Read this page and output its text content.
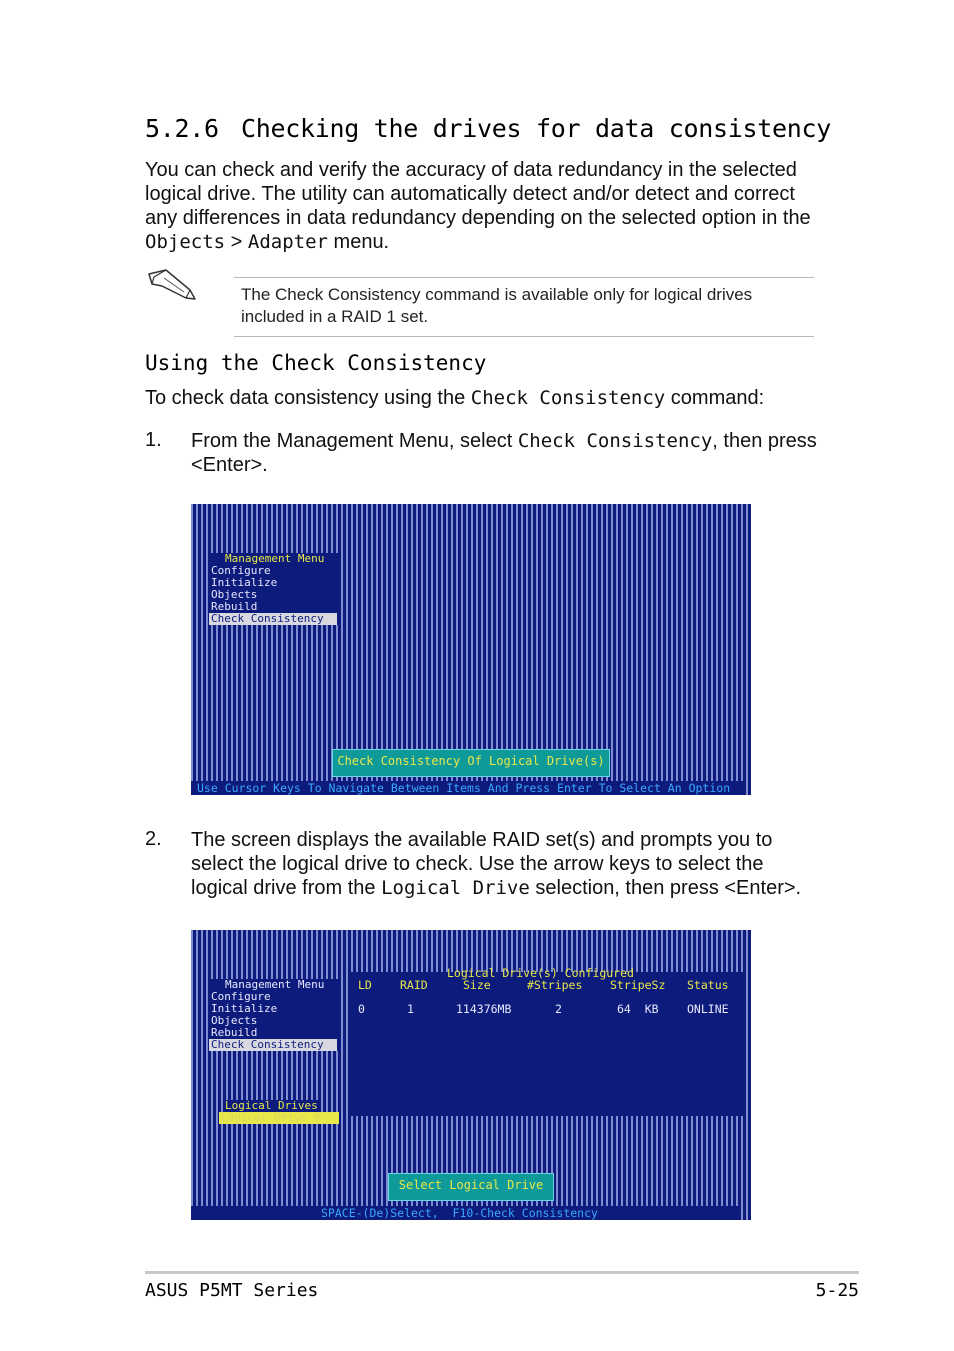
5.2.6 Checking the drives for data consistency

You can check and verify the accuracy of data redundancy in the selected logical drive. The utility can automatically detect and/or detect and correct any differences in data redundancy depending on the selected option in the Objects > Adapter menu.

The Check Consistency command is available only for logical drives included in a RAID 1 set.
Using the Check Consistency

To check data consistency using the Check Consistency command:

1. From the Management Menu, select Check Consistency, then press <Enter>.
Management Menu
Configure
Initialize
Objects
Rebuild
Check Consistency
Check Consistency Of Logical Drive(s)
Use Cursor Keys To Navigate Between Items And Press Enter To Select An Option
2. The screen displays the available RAID set(s) and prompts you to select the logical drive to check. Use the arrow keys to select the logical drive from the Logical Drive selection, then press <Enter>.
Management Menu
Configure
Initialize
Objects
Rebuild
Check Consistency
Logical Drive(s) Configured
LD RAID	Size	#Stripes StripeSz Status
0	1	114376MB	2	64  KB ONLINE
Logical Drives
Logical Drive 0
Select Logical Drive
SPACE-(De)Select,  F10-Check Consistency
ASUS P5MT Series	5-25
